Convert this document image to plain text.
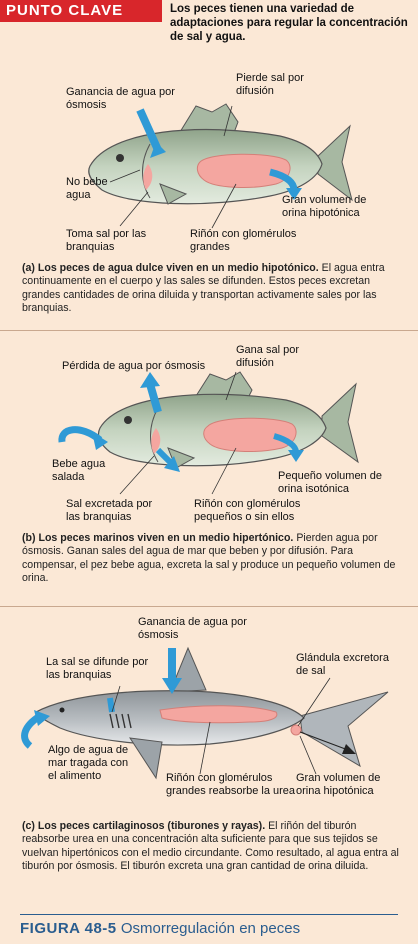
PUNTO CLAVE	Los peces tienen una variedad de adaptaciones para regular la concentración de sal y agua.
Ganancia de agua por ósmosis
Pierde sal por difusión
No bebe agua	Gran volumen de orina hipotónica
Toma sal por las branquias
Riñón con glomérulos grandes
(a) Los peces de agua dulce viven en un medio hipotónico. El agua entra continuamente en el cuerpo y las sales se difunden. Estos peces excretan grandes cantidades de orina diluida y transportan activamente sales por las branquias.
Pérdida de agua por ósmosis
Gana sal por difusión
Bebe agua salada	Pequeño volumen de orina isotónica
Sal excretada por las branquias
Riñón con glomérulos pequeños o sin ellos
(b) Los peces marinos viven en un medio hipertónico. Pierden agua por ósmosis. Ganan sales del agua de mar que beben y por difusión. Para compensar, el pez bebe agua, excreta la sal y produce un pequeño volumen de orina.
Ganancia de agua por ósmosis
La sal se difunde por las branquias
Glándula excretora de sal
Algo de agua de mar tragada con el alimento	Riñón con glomérulos grandes reabsorbe la urea
Gran volumen de orina hipotónica
(c) Los peces cartilaginosos (tiburones y rayas). El riñón del tiburón reabsorbe urea en una concentración alta suficiente para que sus tejidos se vuelvan hipertónicos con el medio circundante. Como resultado, al agua entra al tiburón por ósmosis. El tiburón excreta una gran cantidad de orina diluida.
FIGURA 48-5 Osmorregulación en peces
